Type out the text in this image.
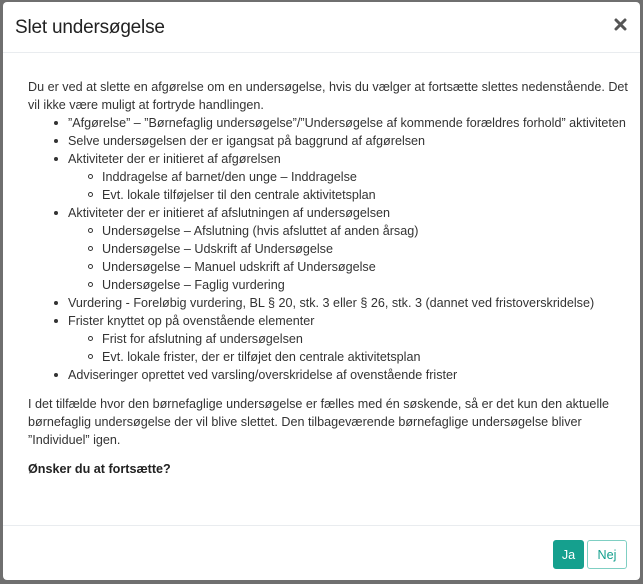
Slet undersøgelse

Du er ved at slette en afgørelse om en undersøgelse, hvis du vælger at fortsætte slettes nedenstående. Det vil ikke være muligt at fortryde handlingen.

”Afgørelse” – ”Børnefaglig undersøgelse”/”Undersøgelse af kommende forældres forhold” aktiviteten
Selve undersøgelsen der er igangsat på baggrund af afgørelsen
Aktiviteter der er initieret af afgørelsen
Inddragelse af barnet/den unge – Inddragelse
Evt. lokale tilføjelser til den centrale aktivitetsplan
Aktiviteter der er initieret af afslutningen af undersøgelsen
Undersøgelse – Afslutning (hvis afsluttet af anden årsag)
Undersøgelse – Udskrift af Undersøgelse
Undersøgelse – Manuel udskrift af Undersøgelse
Undersøgelse – Faglig vurdering
Vurdering - Foreløbig vurdering, BL § 20, stk. 3 eller § 26, stk. 3 (dannet ved fristoverskridelse)
Frister knyttet op på ovenstående elementer
Frist for afslutning af undersøgelsen
Evt. lokale frister, der er tilføjet den centrale aktivitetsplan
Adviseringer oprettet ved varsling/overskridelse af ovenstående frister

I det tilfælde hvor den børnefaglige undersøgelse er fælles med én søskende, så er det kun den aktuelle børnefaglig undersøgelse der vil blive slettet. Den tilbageværende børnefaglige undersøgelse bliver ”Individuel” igen.

Ønsker du at fortsætte?

Ja	Nej
